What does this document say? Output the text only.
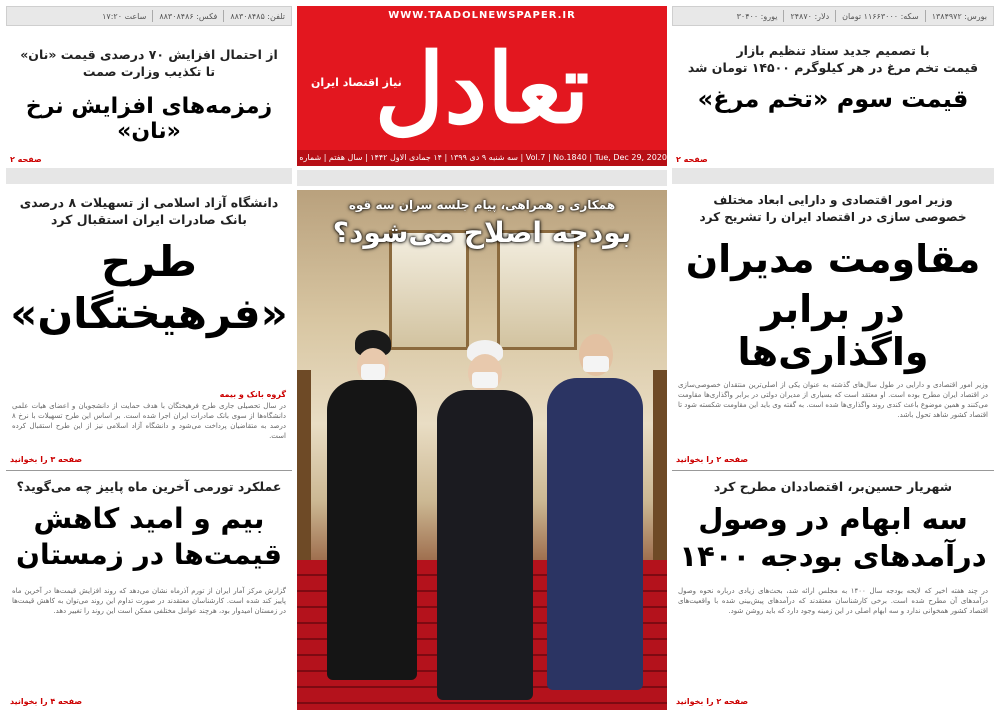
بورس: ۱۳۸۴۹۷۲
سکه: ۱۱۶۶۳۰۰۰ تومان
دلار: ۲۴۸۷۰
یورو: ۳۰۴۰۰
تلفن: ۸۸۳۰۸۴۸۵
فکس: ۸۸۳۰۸۴۸۶
ساعت ۱۷:۲۰	WWW.TAADOLNEWSPAPER.IR
تعادل
نیاز اقتصاد ایران
Vol.7 | No.1840 | Tue, Dec 29, 2020 | سه شنبه ۹ دی ۱۳۹۹ | ۱۴ جمادی الاول ۱۴۴۲ | سال هفتم | شماره ۱۸۴۰ | ۸ صفحه | قیمت ۳۰۰۰ تومان
با تصمیم جدید ستاد تنظیم بازار
قیمت تخم مرغ در هر کیلوگرم ۱۴۵۰۰ تومان شد
قیمت سوم «تخم مرغ»
صفحه ۲
از احتمال افزایش ۷۰ درصدی قیمت «نان»
تا تکذیب وزارت صمت
زمزمه‌های افزایش نرخ «نان»
صفحه ۲
همکاری و همراهی، پیام جلسه سران سه قوه
بودجه اصلاح می‌شود؟
وزیر امور اقتصادی و دارایی ابعاد مختلف
خصوصی سازی در اقتصاد ایران را تشریح کرد
مقاومت مدیران
در برابر واگذاری‌ها
وزیر امور اقتصادی و دارایی در طول سال‌های گذشته به عنوان یکی از اصلی‌ترین منتقدان خصوصی‌سازی در اقتصاد ایران مطرح بوده است. او معتقد است که بسیاری از مدیران دولتی در برابر واگذاری‌ها مقاومت می‌کنند و همین موضوع باعث کندی روند واگذاری‌ها شده است. به گفته وی باید این مقاومت شکسته شود تا اقتصاد کشور شاهد تحول باشد.
صفحه ۲ را بخوانید
شهریار حسین‌بر، اقتصاددان مطرح کرد
سه ابهام در وصول
درآمدهای بودجه ۱۴۰۰
در چند هفته اخیر که لایحه بودجه سال ۱۴۰۰ به مجلس ارائه شد، بحث‌های زیادی درباره نحوه وصول درآمدهای آن مطرح شده است. برخی کارشناسان معتقدند که درآمدهای پیش‌بینی شده با واقعیت‌های اقتصاد کشور همخوانی ندارد و سه ابهام اصلی در این زمینه وجود دارد که باید روشن شود.
صفحه ۲ را بخوانید
دانشگاه آزاد اسلامی از تسهیلات ۸ درصدی
بانک صادرات ایران استقبال کرد
طرح
«فرهیختگان»
گروه بانک و بیمه
در سال تحصیلی جاری طرح فرهیختگان با هدف حمایت از دانشجویان و اعضای هیات علمی دانشگاه‌ها از سوی بانک صادرات ایران اجرا شده است. بر اساس این طرح تسهیلات با نرخ ۸ درصد به متقاضیان پرداخت می‌شود و دانشگاه آزاد اسلامی نیز از این طرح استقبال کرده است.
صفحه ۳ را بخوانید
عملکرد تورمی آخرین ماه پاییز چه می‌گوید؟
بیم و امید کاهش
قیمت‌ها در زمستان
گزارش مرکز آمار ایران از تورم آذرماه نشان می‌دهد که روند افزایش قیمت‌ها در آخرین ماه پاییز کند شده است. کارشناسان معتقدند در صورت تداوم این روند می‌توان به کاهش قیمت‌ها در زمستان امیدوار بود، هرچند عوامل مختلفی ممکن است این روند را تغییر دهد.
صفحه ۴ را بخوانید
